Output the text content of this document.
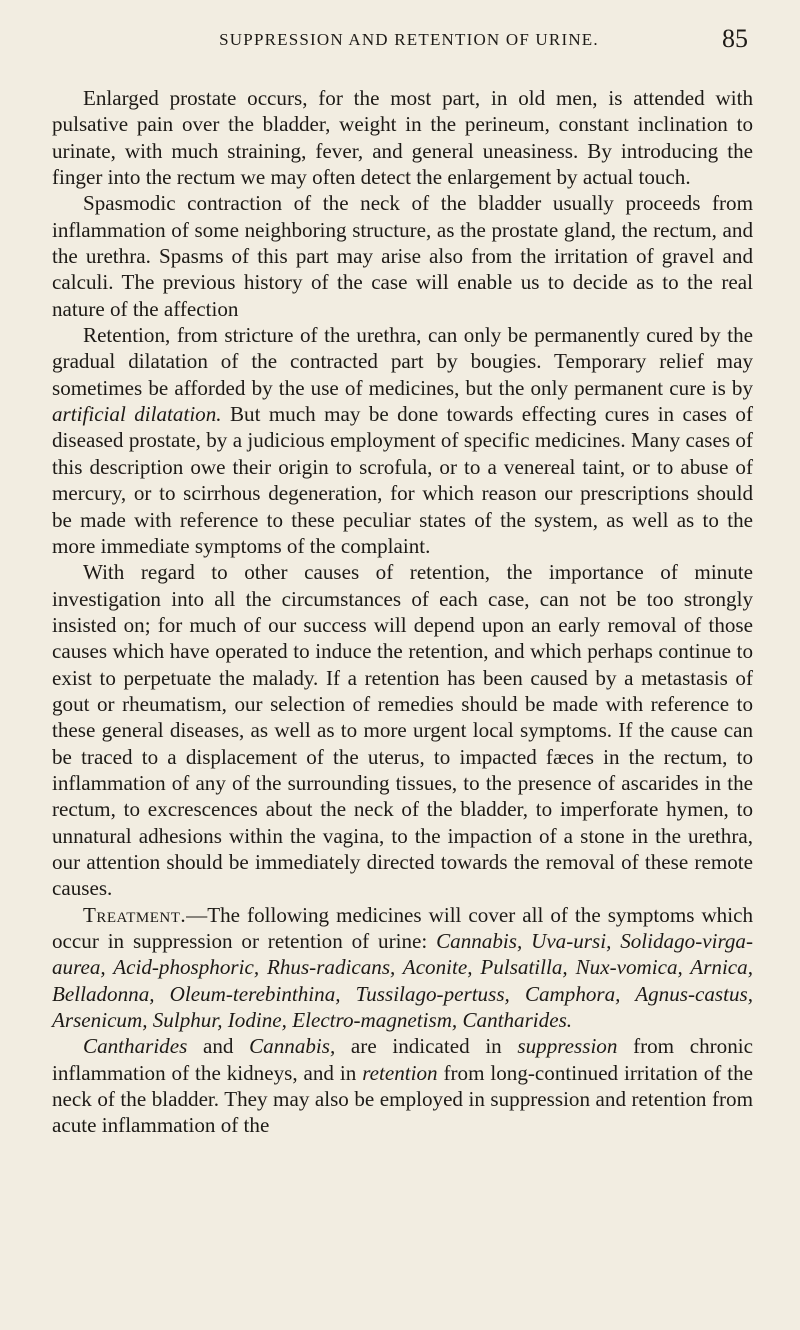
SUPPRESSION AND RETENTION OF URINE.	85

Enlarged prostate occurs, for the most part, in old men, is attended with pulsative pain over the bladder, weight in the perineum, constant inclination to urinate, with much straining, fever, and general uneasiness. By introducing the finger into the rectum we may often detect the enlargement by actual touch.

Spasmodic contraction of the neck of the bladder usually proceeds from inflammation of some neighboring structure, as the prostate gland, the rectum, and the urethra. Spasms of this part may arise also from the irritation of gravel and calculi. The previous history of the case will enable us to decide as to the real nature of the affection

Retention, from stricture of the urethra, can only be permanently cured by the gradual dilatation of the contracted part by bougies. Temporary relief may sometimes be afforded by the use of medicines, but the only permanent cure is by artificial dilatation. But much may be done towards effecting cures in cases of diseased prostate, by a judicious employment of specific medicines. Many cases of this description owe their origin to scrofula, or to a venereal taint, or to abuse of mercury, or to scirrhous degeneration, for which reason our prescriptions should be made with reference to these peculiar states of the system, as well as to the more immediate symptoms of the complaint.

With regard to other causes of retention, the importance of minute investigation into all the circumstances of each case, can not be too strongly insisted on; for much of our success will depend upon an early removal of those causes which have operated to induce the retention, and which perhaps continue to exist to perpetuate the malady. If a retention has been caused by a metastasis of gout or rheumatism, our selection of remedies should be made with reference to these general diseases, as well as to more urgent local symptoms. If the cause can be traced to a displacement of the uterus, to impacted fæces in the rectum, to inflammation of any of the surrounding tissues, to the presence of ascarides in the rectum, to excrescences about the neck of the bladder, to imperforate hymen, to unnatural adhesions within the vagina, to the impaction of a stone in the urethra, our attention should be immediately directed towards the removal of these remote causes.

Treatment.—The following medicines will cover all of the symptoms which occur in suppression or retention of urine: Cannabis, Uva-ursi, Solidago-virga-aurea, Acid-phosphoric, Rhus-radicans, Aconite, Pulsatilla, Nux-vomica, Arnica, Belladonna, Oleum-terebinthina, Tussilago-pertuss, Camphora, Agnus-castus, Arsenicum, Sulphur, Iodine, Electro-magnetism, Cantharides.

Cantharides and Cannabis, are indicated in suppression from chronic inflammation of the kidneys, and in retention from long-continued irritation of the neck of the bladder. They may also be employed in suppression and retention from acute inflammation of the
